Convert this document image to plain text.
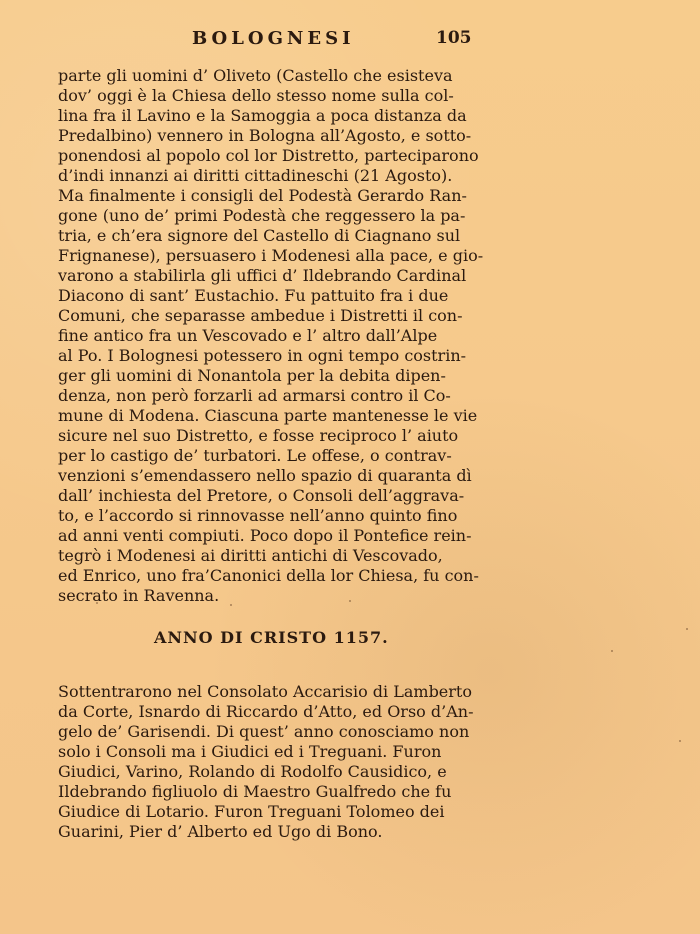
BOLOGNESI	105
parte gli uomini d’ Oliveto (Castello che esisteva
dov’ oggi è la Chiesa dello stesso nome sulla col-
lina fra il Lavino e la Samoggia a poca distanza da
Predalbino) vennero in Bologna all’Agosto, e sotto-
ponendosi al popolo col lor Distretto, parteciparono
d’indi innanzi ai diritti cittadineschi (21 Agosto).
Ma finalmente i consigli del Podestà Gerardo Ran-
gone (uno de’ primi Podestà che reggessero la pa-
tria, e ch’era signore del Castello di Ciagnano sul
Frignanese), persuasero i Modenesi alla pace, e gio-
varono a stabilirla gli uffici d’ Ildebrando Cardinal
Diacono di sant’ Eustachio. Fu pattuito fra i due
Comuni, che separasse ambedue i Distretti il con-
fine antico fra un Vescovado e l’ altro dall’Alpe
al Po. I Bolognesi potessero in ogni tempo costrin-
ger gli uomini di Nonantola per la debita dipen-
denza, non però forzarli ad armarsi contro il Co-
mune di Modena. Ciascuna parte mantenesse le vie
sicure nel suo Distretto, e fosse reciproco l’ aiuto
per lo castigo de’ turbatori. Le offese, o contrav-
venzioni s’emendassero nello spazio di quaranta dì
dall’ inchiesta del Pretore, o Consoli dell’aggrava-
to, e l’accordo si rinnovasse nell’anno quinto fino
ad anni venti compiuti. Poco dopo il Pontefice rein-
tegrò i Modenesi ai diritti antichi di Vescovado,
ed Enrico, uno fra’Canonici della lor Chiesa, fu con-
secrato in Ravenna.
ANNO DI CRISTO 1157.
Sottentrarono nel Consolato Accarisio di Lamberto
da Corte, Isnardo di Riccardo d’Atto, ed Orso d’An-
gelo de’ Garisendi. Di quest’ anno conosciamo non
solo i Consoli ma i Giudici ed i Treguani. Furon
Giudici, Varino, Rolando di Rodolfo Causidico, e
Ildebrando figliuolo di Maestro Gualfredo che fu
Giudice di Lotario. Furon Treguani Tolomeo dei
Guarini, Pier d’ Alberto ed Ugo di Bono.
